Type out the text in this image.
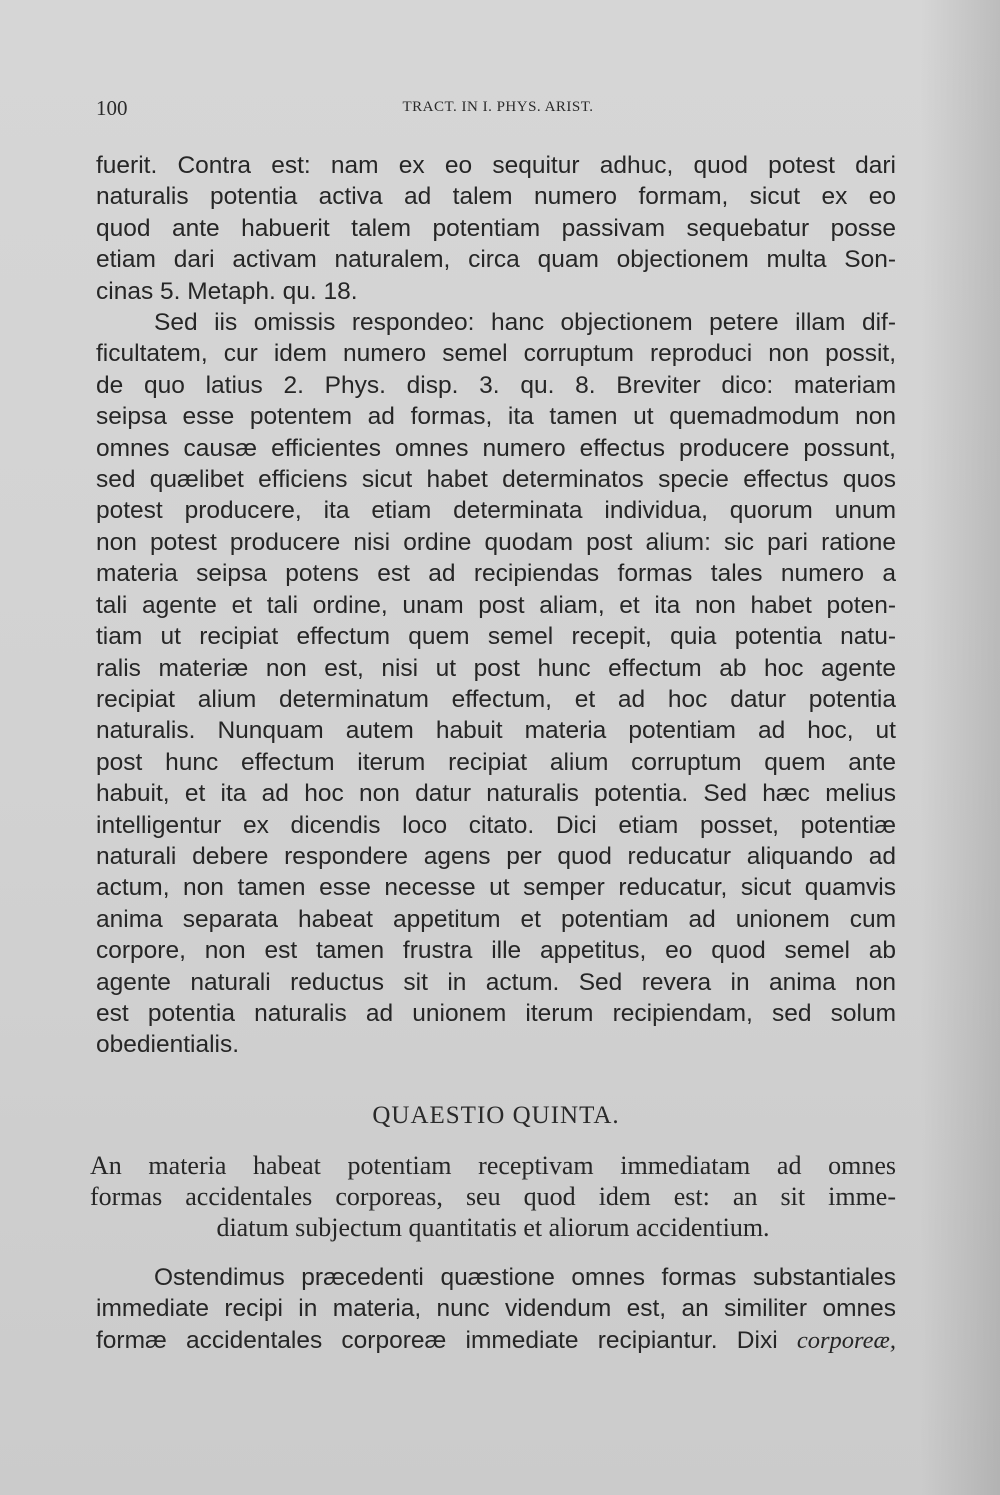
100	TRACT. IN I. PHYS. ARIST.
fuerit. Contra est: nam ex eo sequitur adhuc, quod potest dari
naturalis potentia activa ad talem numero formam, sicut ex eo
quod ante habuerit talem potentiam passivam sequebatur posse
etiam dari activam naturalem, circa quam objectionem multa Son-
cinas 5. Metaph. qu. 18.
Sed iis omissis respondeo: hanc objectionem petere illam dif-
ficultatem, cur idem numero semel corruptum reproduci non possit,
de quo latius 2. Phys. disp. 3. qu. 8. Breviter dico: materiam
seipsa esse potentem ad formas, ita tamen ut quemadmodum non
omnes causæ efficientes omnes numero effectus producere possunt,
sed quælibet efficiens sicut habet determinatos specie effectus quos
potest producere, ita etiam determinata individua, quorum unum
non potest producere nisi ordine quodam post alium: sic pari ratione
materia seipsa potens est ad recipiendas formas tales numero a
tali agente et tali ordine, unam post aliam, et ita non habet poten-
tiam ut recipiat effectum quem semel recepit, quia potentia natu-
ralis materiæ non est, nisi ut post hunc effectum ab hoc agente
recipiat alium determinatum effectum, et ad hoc datur potentia
naturalis. Nunquam autem habuit materia potentiam ad hoc, ut
post hunc effectum iterum recipiat alium corruptum quem ante
habuit, et ita ad hoc non datur naturalis potentia. Sed hæc melius
intelligentur ex dicendis loco citato. Dici etiam posset, potentiæ
naturali debere respondere agens per quod reducatur aliquando ad
actum, non tamen esse necesse ut semper reducatur, sicut quamvis
anima separata habeat appetitum et potentiam ad unionem cum
corpore, non est tamen frustra ille appetitus, eo quod semel ab
agente naturali reductus sit in actum. Sed revera in anima non
est potentia naturalis ad unionem iterum recipiendam, sed solum
obedientialis.
QUAESTIO QUINTA.
An materia habeat potentiam receptivam immediatam ad omnes
formas accidentales corporeas, seu quod idem est: an sit imme-
diatum subjectum quantitatis et aliorum accidentium.
Ostendimus præcedenti quæstione omnes formas substantiales
immediate recipi in materia, nunc videndum est, an similiter omnes
formæ accidentales corporeæ immediate recipiantur. Dixi corporeæ,
